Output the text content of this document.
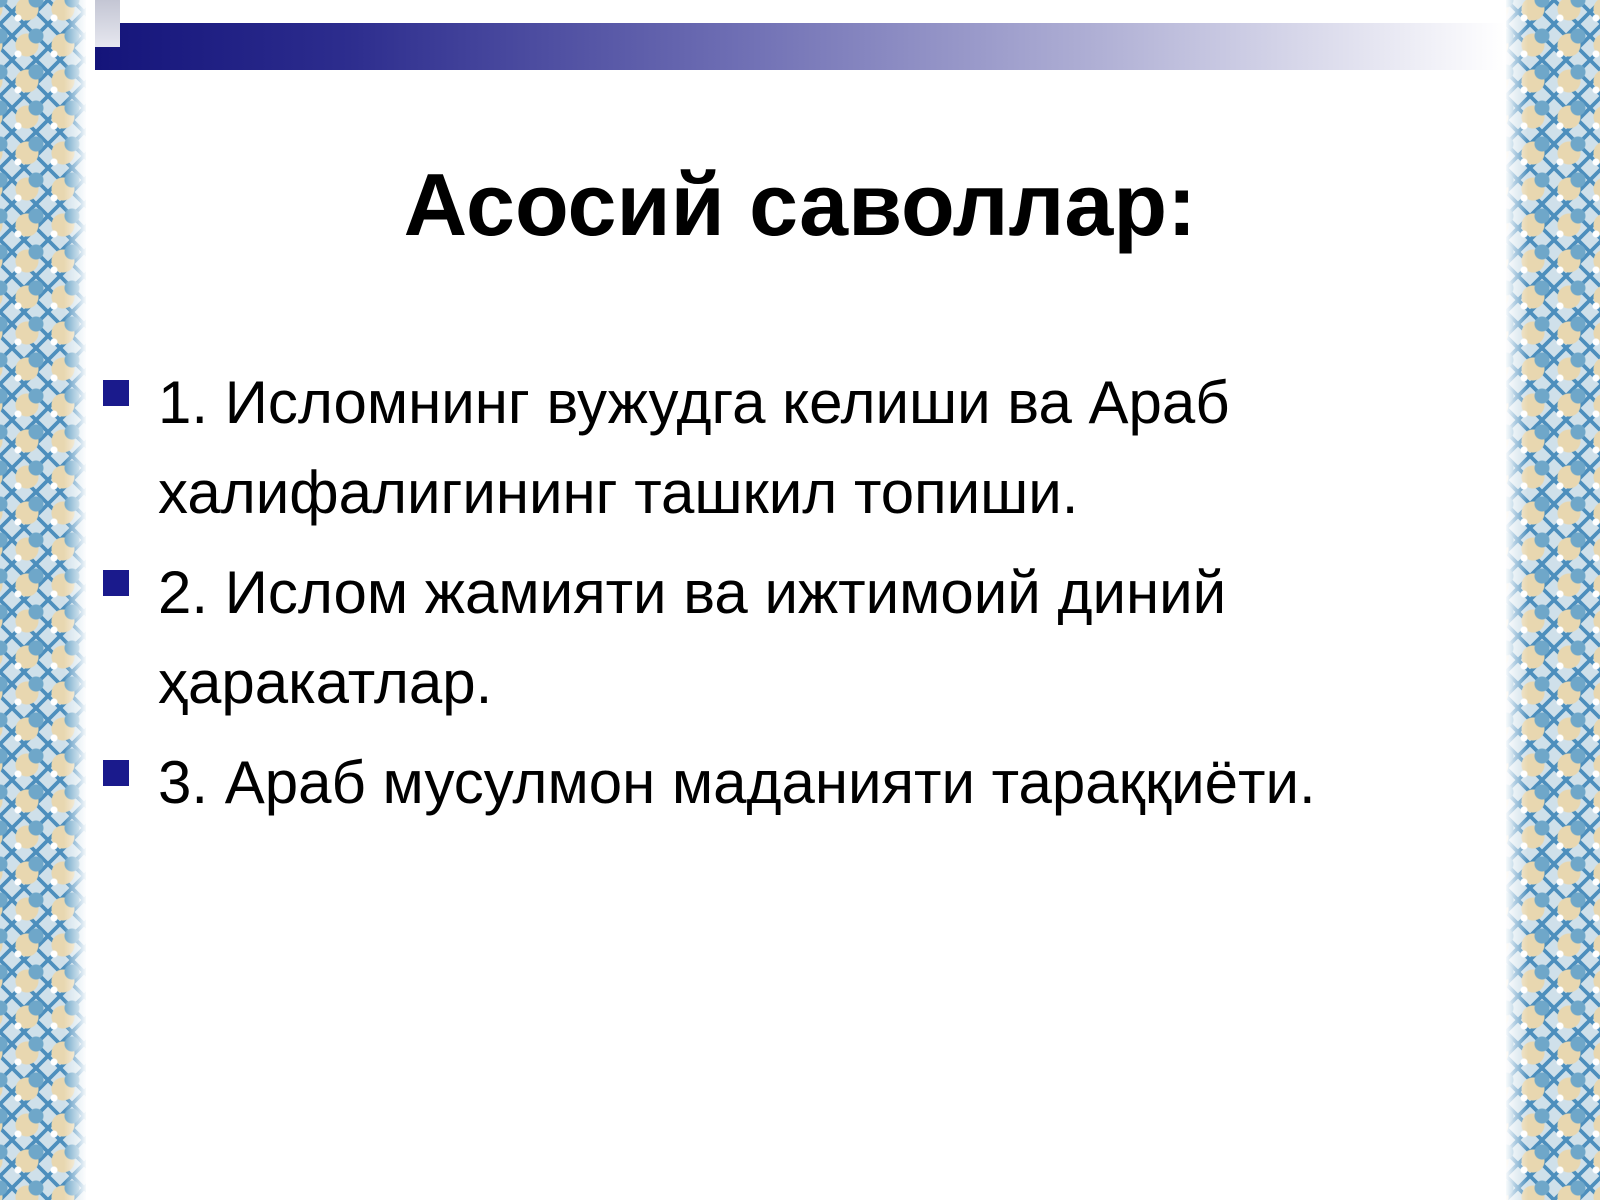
Асосий саволлар:
1. Исломнинг вужудга келиши ва Араб халифалигининг ташкил топиши.
2. Ислом жамияти ва ижтимоий диний ҳаракатлар.
3. Араб мусулмон маданияти тараққиёти.
